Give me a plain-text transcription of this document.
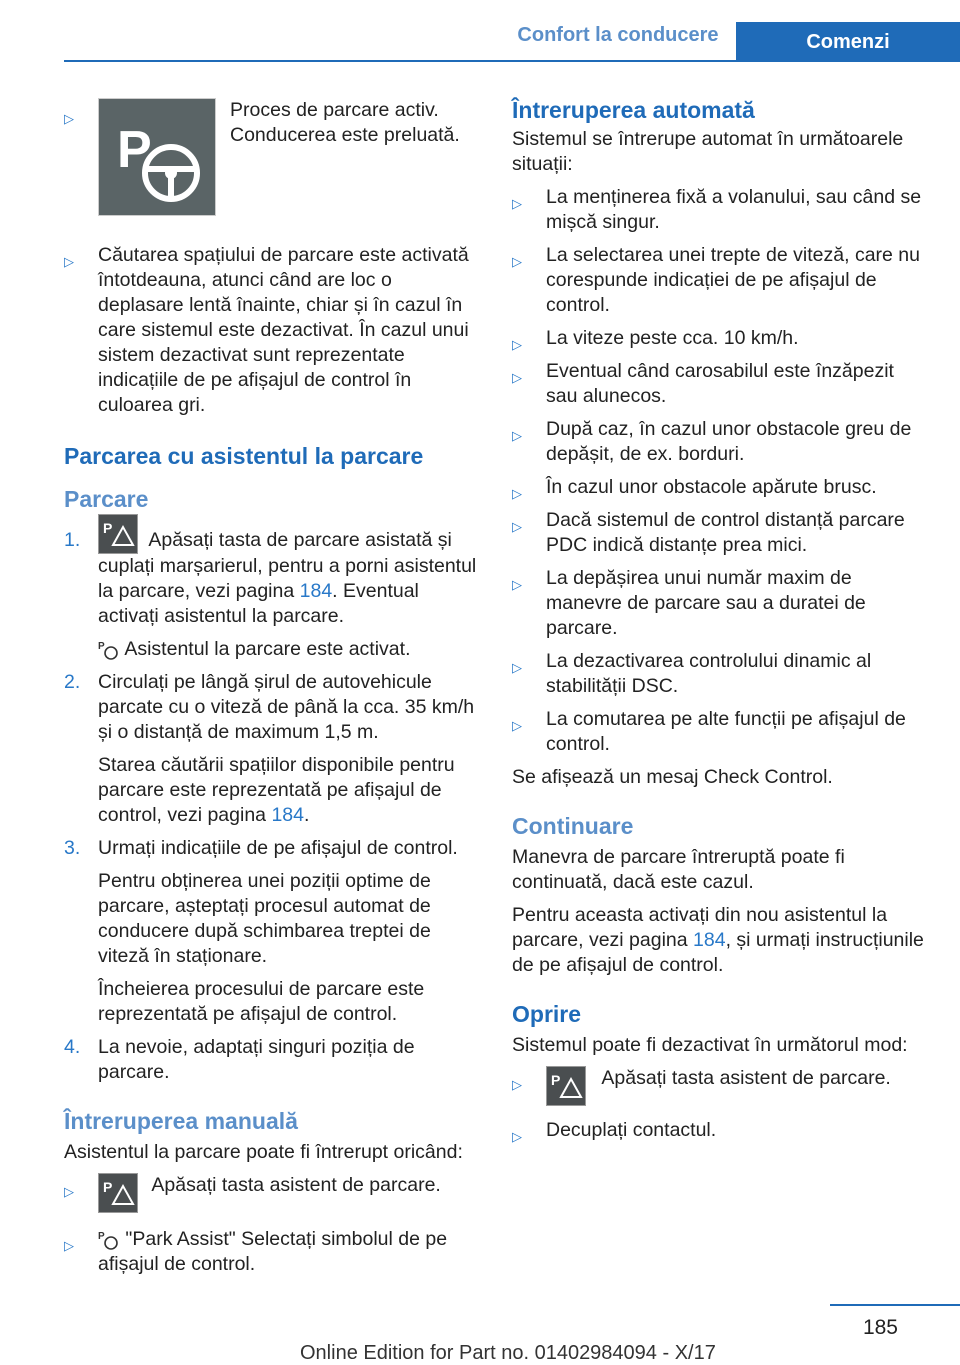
Confort la conducere	Comenzi
▷
P
Proces de parcare activ. Conducerea este preluată.
▷ Căutarea spațiului de parcare este activată întotdeauna, atunci când are loc o deplasare lentă înainte, chiar și în cazul în care sistemul este dezactivat. În cazul unui sistem dezactivat sunt reprezentate indicațiile de pe afișajul de control în culoarea gri.
Parcarea cu asistentul la parcare
Parcare
1.
P
Apăsați tasta de parcare asistată și cuplați marșarierul, pentru a porni asistentul la parcare, vezi pagina 184. Eventual activați asistentul la parcare.

P Asistentul la parcare este activat.

2. Circulați pe lângă șirul de autovehicule parcate cu o viteză de până la cca. 35 km/h și o distanță de maximum 1,5 m.

Starea căutării spațiilor disponibile pentru parcare este reprezentată pe afișajul de control, vezi pagina 184.

3. Urmați indicațiile de pe afișajul de control.

Pentru obținerea unei poziții optime de parcare, așteptați procesul automat de conducere după schimbarea treptei de viteză în staționare.

Încheierea procesului de parcare este reprezentată pe afișajul de control.

4. La nevoie, adaptați singuri poziția de parcare.

Întreruperea manuală

Asistentul la parcare poate fi întrerupt oricând:

▷ P Apăsați tasta asistent de parcare.
▷
P "Park Assist" Selectați simbolul de pe afișajul de control.
Întreruperea automată

Sistemul se întrerupe automat în următoarele situații:

▷ La menținerea fixă a volanului, sau când se mișcă singur.
▷ La selectarea unei trepte de viteză, care nu corespunde indicației de pe afișajul de control.
▷ La viteze peste cca. 10 km/h.
▷ Eventual când carosabilul este înzăpezit sau alunecos.
▷ După caz, în cazul unor obstacole greu de depășit, de ex. borduri.
▷ În cazul unor obstacole apărute brusc.
▷ Dacă sistemul de control distanță parcare PDC indică distanțe prea mici.
▷ La depășirea unui număr maxim de manevre de parcare sau a duratei de parcare.
▷ La dezactivarea controlului dinamic al stabilității DSC.
▷ La comutarea pe alte funcții pe afișajul de control.

Se afișează un mesaj Check Control.

Continuare

Manevra de parcare întreruptă poate fi continuată, dacă este cazul.

Pentru aceasta activați din nou asistentul la parcare, vezi pagina 184, și urmați instrucțiunile de pe afișajul de control.

Oprire

Sistemul poate fi dezactivat în următorul mod:

▷ P Apăsați tasta asistent de parcare.
▷ Decuplați contactul.
185
Online Edition for Part no. 01402984094 - X/17
